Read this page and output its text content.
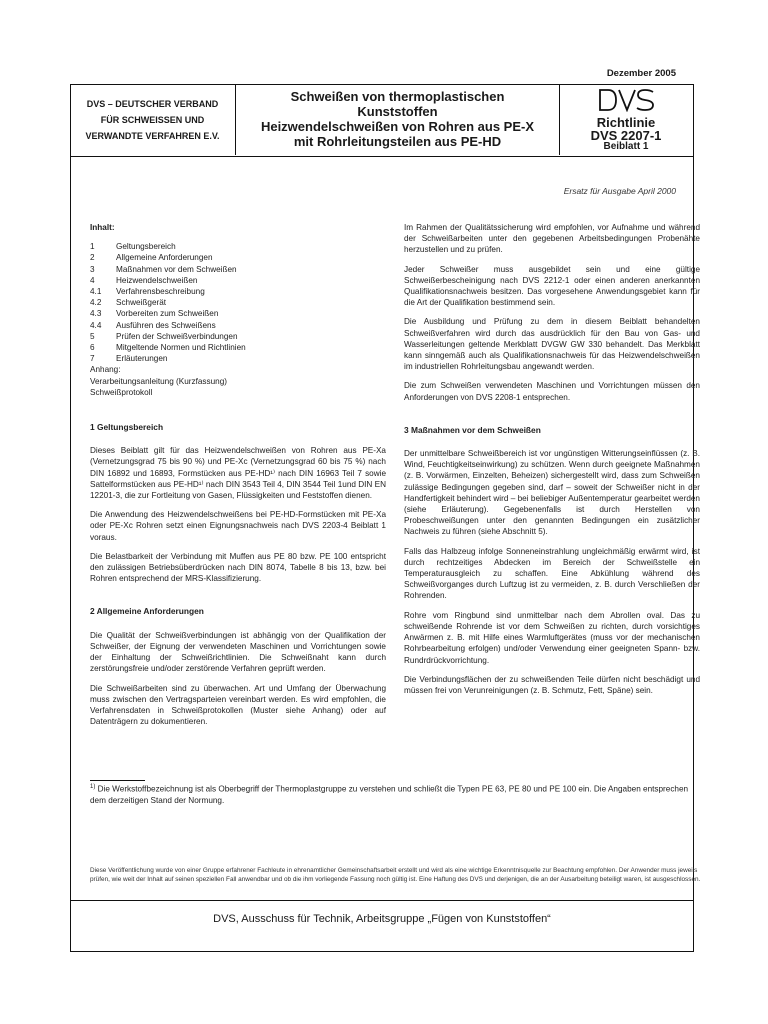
Dezember 2005
DVS – DEUTSCHER VERBAND
FÜR SCHWEISSEN UND
VERWANDTE VERFAHREN E.V.
Schweißen von thermoplastischen
Kunststoffen
Heizwendelschweißen von Rohren aus PE-X
mit Rohrleitungsteilen aus PE-HD
Richtlinie
DVS 2207-1
Beiblatt 1
Ersatz für Ausgabe April 2000
Inhalt:
1	Geltungsbereich
2	Allgemeine Anforderungen
3	Maßnahmen vor dem Schweißen
4	Heizwendelschweißen
4.1	Verfahrensbeschreibung
4.2	Schweißgerät
4.3	Vorbereiten zum Schweißen
4.4	Ausführen des Schweißens
5	Prüfen der Schweißverbindungen
6	Mitgeltende Normen und Richtlinien
7	Erläuterungen
Anhang:
Verarbeitungsanleitung (Kurzfassung)
Schweißprotokoll
1 Geltungsbereich

Dieses Beiblatt gilt für das Heizwendelschweißen von Rohren aus PE-Xa (Vernetzungsgrad 75 bis 90 %) und PE-Xc (Vernetzungsgrad 60 bis 75 %) nach DIN 16892 und 16893, Formstücken aus PE-HD¹⁾ nach DIN 16963 Teil 7 sowie Sattelformstücken aus PE-HD¹⁾ nach DIN 3543 Teil 4, DIN 3544 Teil 1und DIN EN 12201-3, die zur Fortleitung von Gasen, Flüssigkeiten und Feststoffen dienen.

Die Anwendung des Heizwendelschweißens bei PE-HD-Formstücken mit PE-Xa oder PE-Xc Rohren setzt einen Eignungsnachweis nach DVS 2203-4 Beiblatt 1 voraus.

Die Belastbarkeit der Verbindung mit Muffen aus PE 80 bzw. PE 100 entspricht den zulässigen Betriebsüberdrücken nach DIN 8074, Tabelle 8 bis 13, bzw. bei Rohren entsprechend der MRS-Klassifizierung.

2 Allgemeine Anforderungen

Die Qualität der Schweißverbindungen ist abhängig von der Qualifikation der Schweißer, der Eignung der verwendeten Maschinen und Vorrichtungen sowie der Einhaltung der Schweißrichtlinien. Die Schweißnaht kann durch zerstörungsfreie und/oder zerstörende Verfahren geprüft werden.

Die Schweißarbeiten sind zu überwachen. Art und Umfang der Überwachung muss zwischen den Vertragsparteien vereinbart werden. Es wird empfohlen, die Verfahrensdaten in Schweißprotokollen (Muster siehe Anhang) oder auf Datenträgern zu dokumentieren.

Im Rahmen der Qualitätssicherung wird empfohlen, vor Aufnahme und während der Schweißarbeiten unter den gegebenen Arbeitsbedingungen Probenähte herzustellen und zu prüfen.

Jeder Schweißer muss ausgebildet sein und eine gültige Schweißerbescheinigung nach DVS 2212-1 oder einen anderen anerkannten Qualifikationsnachweis besitzen. Das vorgesehene Anwendungsgebiet kann für die Art der Qualifikation bestimmend sein.

Die Ausbildung und Prüfung zu dem in diesem Beiblatt behandelten Schweißverfahren wird durch das ausdrücklich für den Bau von Gas- und Wasserleitungen geltende Merkblatt DVGW GW 330 behandelt. Das Merkblatt kann sinngemäß auch als Qualifikationsnachweis für das Heizwendelschweißen im industriellen Rohrleitungsbau angewandt werden.

Die zum Schweißen verwendeten Maschinen und Vorrichtungen müssen den Anforderungen von DVS 2208-1 entsprechen.

3 Maßnahmen vor dem Schweißen

Der unmittelbare Schweißbereich ist vor ungünstigen Witterungseinflüssen (z. B. Wind, Feuchtigkeitseinwirkung) zu schützen. Wenn durch geeignete Maßnahmen (z. B. Vorwärmen, Einzelten, Beheizen) sichergestellt wird, dass zum Schweißen zulässige Bedingungen gegeben sind, darf – soweit der Schweißer nicht in der Handfertigkeit behindert wird – bei beliebiger Außentemperatur gearbeitet werden (siehe Erläuterung). Gegebenenfalls ist durch Herstellen von Probeschweißungen unter den genannten Bedingungen ein zusätzlicher Nachweis zu führen (siehe Abschnitt 5).

Falls das Halbzeug infolge Sonneneinstrahlung ungleichmäßig erwärmt wird, ist durch rechtzeitiges Abdecken im Bereich der Schweißstelle ein Temperaturausgleich zu schaffen. Eine Abkühlung während des Schweißvorganges durch Luftzug ist zu vermeiden, z. B. durch Verschließen der Rohrenden.

Rohre vom Ringbund sind unmittelbar nach dem Abrollen oval. Das zu schweißende Rohrende ist vor dem Schweißen zu richten, durch vorsichtiges Anwärmen z. B. mit Hilfe eines Warmluftgerätes (muss vor der mechanischen Rohrbearbeitung erfolgen) und/oder Verwendung einer geeigneten Spann- bzw. Rundrdrückvorrichtung.

Die Verbindungsflächen der zu schweißenden Teile dürfen nicht beschädigt und müssen frei von Verunreinigungen (z. B. Schmutz, Fett, Späne) sein.

$^{1)}$ Die Werkstoffbezeichnung ist als Oberbegriff der Thermoplastgruppe zu verstehen und schließt die Typen PE 63, PE 80 und PE 100 ein. Die Angaben entsprechen dem derzeitigen Stand der Normung.
Diese Veröffentlichung wurde von einer Gruppe erfahrener Fachleute in ehrenamtlicher Gemeinschaftsarbeit erstellt und wird als eine wichtige Erkenntnisquelle zur Beachtung empfohlen. Der Anwender muss jeweils prüfen, wie weit der Inhalt auf seinen speziellen Fall anwendbar und ob die ihm vorliegende Fassung noch gültig ist. Eine Haftung des DVS und derjenigen, die an der Ausarbeitung beteiligt waren, ist ausgeschlossen.
DVS, Ausschuss für Technik, Arbeitsgruppe „Fügen von Kunststoffen“
